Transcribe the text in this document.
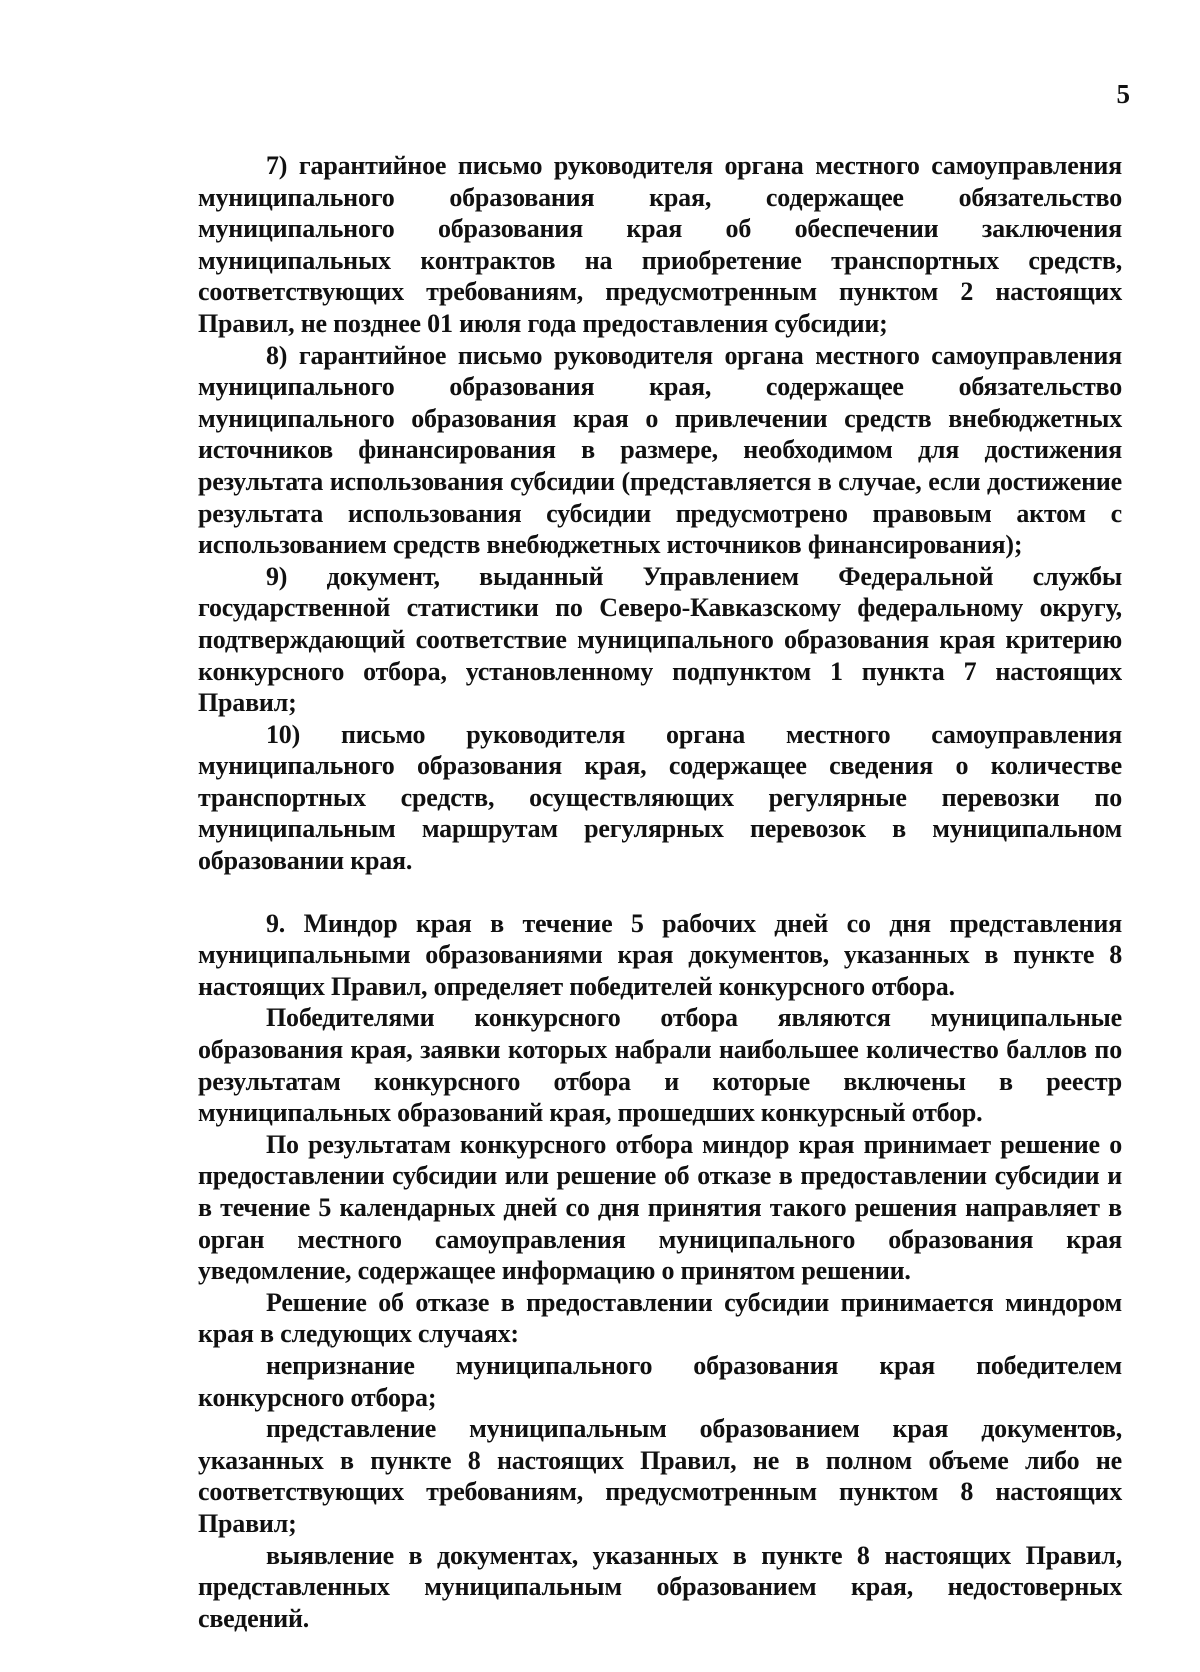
5

7) гарантийное письмо руководителя органа местного самоуправления муниципального образования края, содержащее обязательство муниципального образования края об обеспечении заключения муниципальных контрактов на приобретение транспортных средств, соответствующих требованиям, предусмотренным пунктом 2 настоящих Правил, не позднее 01 июля года предоставления субсидии;

8) гарантийное письмо руководителя органа местного самоуправления муниципального образования края, содержащее обязательство муниципального образования края о привлечении средств внебюджетных источников финансирования в размере, необходимом для достижения результата использования субсидии (представляется в случае, если достижение результата использования субсидии предусмотрено правовым актом с использованием средств внебюджетных источников финансирования);

9) документ, выданный Управлением Федеральной службы государственной статистики по Северо-Кавказскому федеральному округу, подтверждающий соответствие муниципального образования края критерию конкурсного отбора, установленному подпунктом 1 пункта 7 настоящих Правил;

10) письмо руководителя органа местного самоуправления муниципального образования края, содержащее сведения о количестве транспортных средств, осуществляющих регулярные перевозки по муниципальным маршрутам регулярных перевозок в муниципальном образовании края.

9. Миндор края в течение 5 рабочих дней со дня представления муниципальными образованиями края документов, указанных в пункте 8 настоящих Правил, определяет победителей конкурсного отбора.

Победителями конкурсного отбора являются муниципальные образования края, заявки которых набрали наибольшее количество баллов по результатам конкурсного отбора и которые включены в реестр муниципальных образований края, прошедших конкурсный отбор.

По результатам конкурсного отбора миндор края принимает решение о предоставлении субсидии или решение об отказе в предоставлении субсидии и в течение 5 календарных дней со дня принятия такого решения направляет в орган местного самоуправления муниципального образования края уведомление, содержащее информацию о принятом решении.

Решение об отказе в предоставлении субсидии принимается миндором края в следующих случаях:

непризнание муниципального образования края победителем конкурсного отбора;

представление муниципальным образованием края документов, указанных в пункте 8 настоящих Правил, не в полном объеме либо не соответствующих требованиям, предусмотренным пунктом 8 настоящих Правил;

выявление в документах, указанных в пункте 8 настоящих Правил, представленных муниципальным образованием края, недостоверных сведений.
